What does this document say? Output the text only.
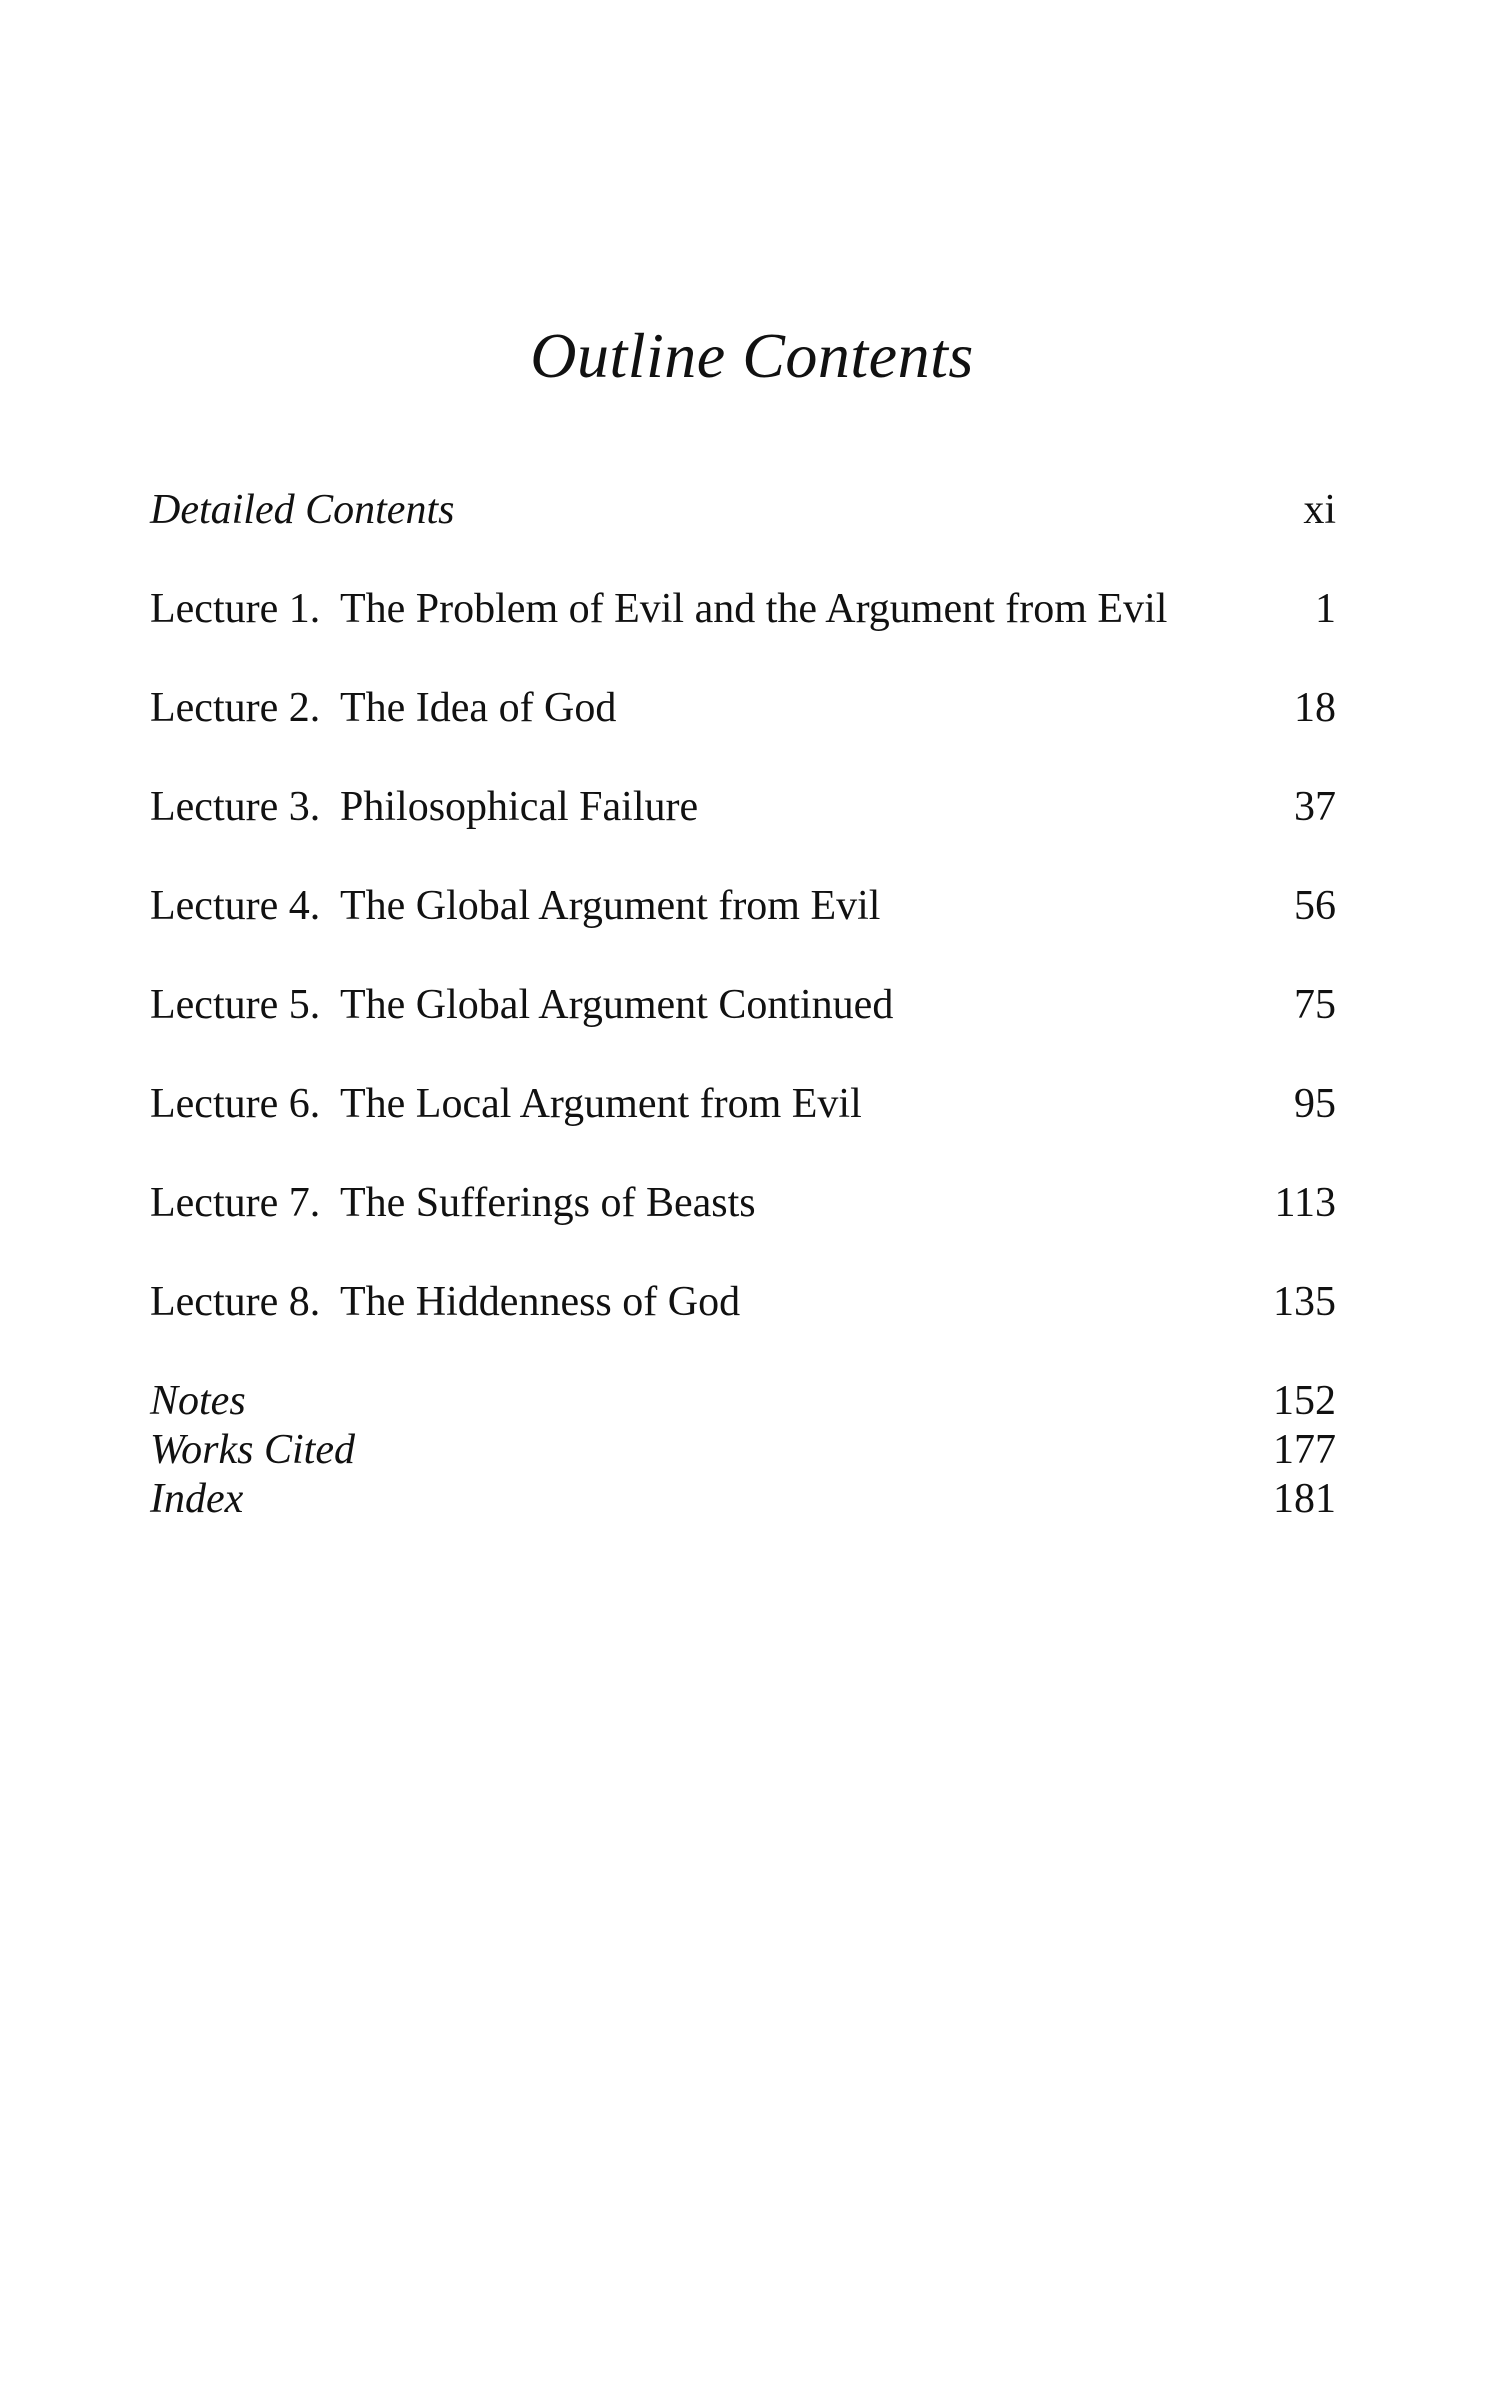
Outline Contents
Detailed Contents	xi
Lecture 1. The Problem of Evil and the Argument from Evil	1
Lecture 2. The Idea of God	18
Lecture 3. Philosophical Failure	37
Lecture 4. The Global Argument from Evil	56
Lecture 5. The Global Argument Continued	75
Lecture 6. The Local Argument from Evil	95
Lecture 7. The Sufferings of Beasts	113
Lecture 8. The Hiddenness of God	135
Notes	152
Works Cited	177
Index	181
